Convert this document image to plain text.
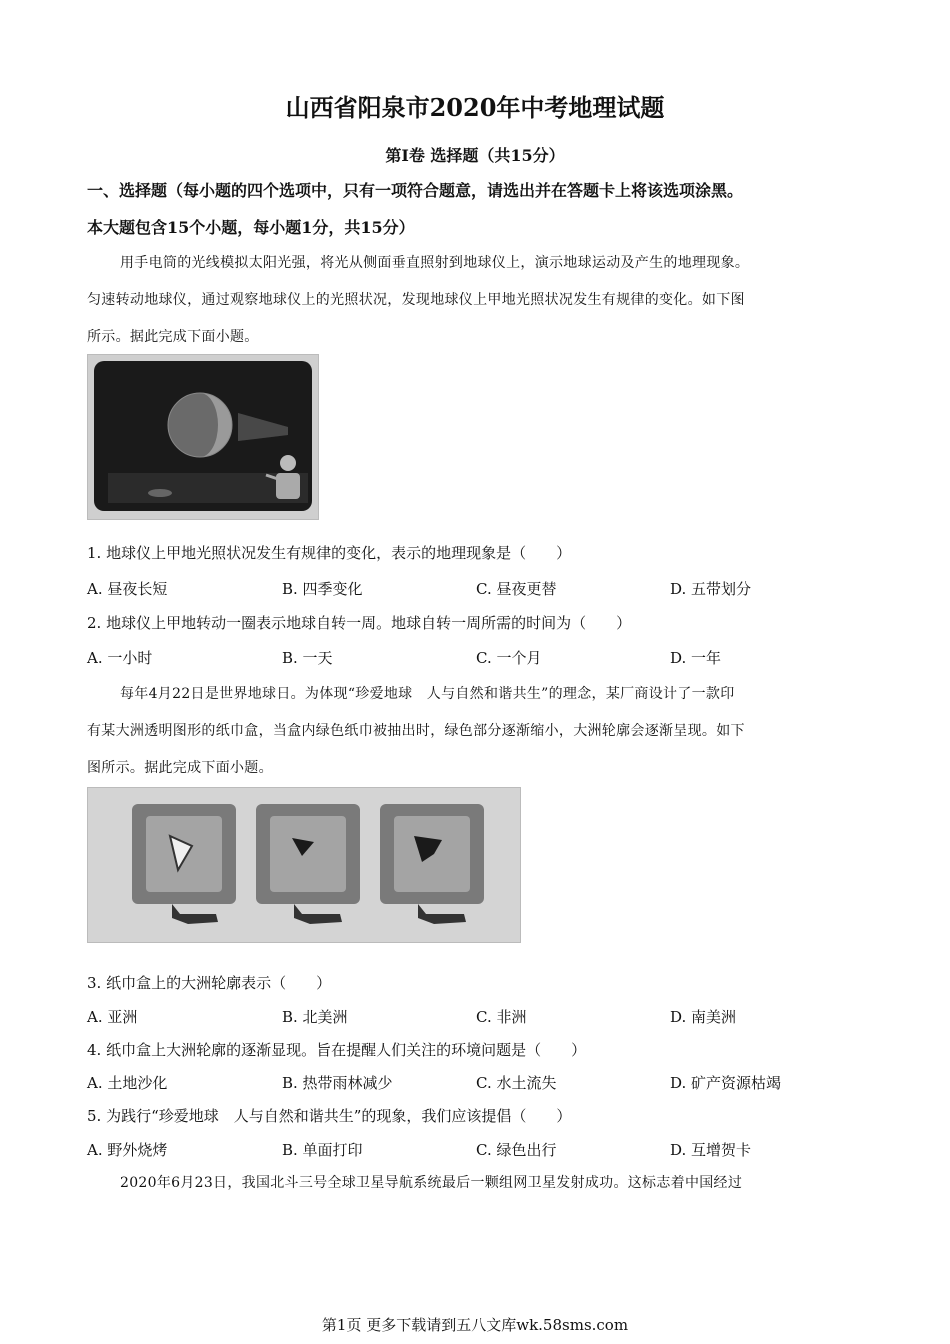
山西省阳泉市2020年中考地理试题
第Ⅰ卷 选择题（共15分）
一、选择题（每小题的四个选项中，只有一项符合题意，请选出并在答题卡上将该选项涂黑。
本大题包含15个小题，每小题1分，共15分）
用手电筒的光线模拟太阳光强，将光从侧面垂直照射到地球仪上，演示地球运动及产生的地理现象。
匀速转动地球仪，通过观察地球仪上的光照状况，发现地球仪上甲地光照状况发生有规律的变化。如下图
所示。据此完成下面小题。
1. 地球仪上甲地光照状况发生有规律的变化，表示的地理现象是（　　）
A. 昼夜长短	B. 四季变化	C. 昼夜更替	D. 五带划分
2. 地球仪上甲地转动一圈表示地球自转一周。地球自转一周所需的时间为（　　）
A. 一小时	B. 一天	C. 一个月	D. 一年
每年4月22日是世界地球日。为体现“珍爱地球　人与自然和谐共生”的理念，某厂商设计了一款印
有某大洲透明图形的纸巾盒，当盒内绿色纸巾被抽出时，绿色部分逐渐缩小，大洲轮廓会逐渐呈现。如下
图所示。据此完成下面小题。
3. 纸巾盒上的大洲轮廓表示（　　）
A. 亚洲	B. 北美洲	C. 非洲	D. 南美洲
4. 纸巾盒上大洲轮廓的逐渐显现。旨在提醒人们关注的环境问题是（　　）
A. 土地沙化	B. 热带雨林减少	C. 水土流失	D. 矿产资源枯竭
5. 为践行“珍爱地球　人与自然和谐共生”的现象，我们应该提倡（　　）
A. 野外烧烤	B. 单面打印	C. 绿色出行	D. 互增贺卡
2020年6月23日，我国北斗三号全球卫星导航系统最后一颗组网卫星发射成功。这标志着中国经过
第1页 更多下载请到五八文库wk.58sms.com
